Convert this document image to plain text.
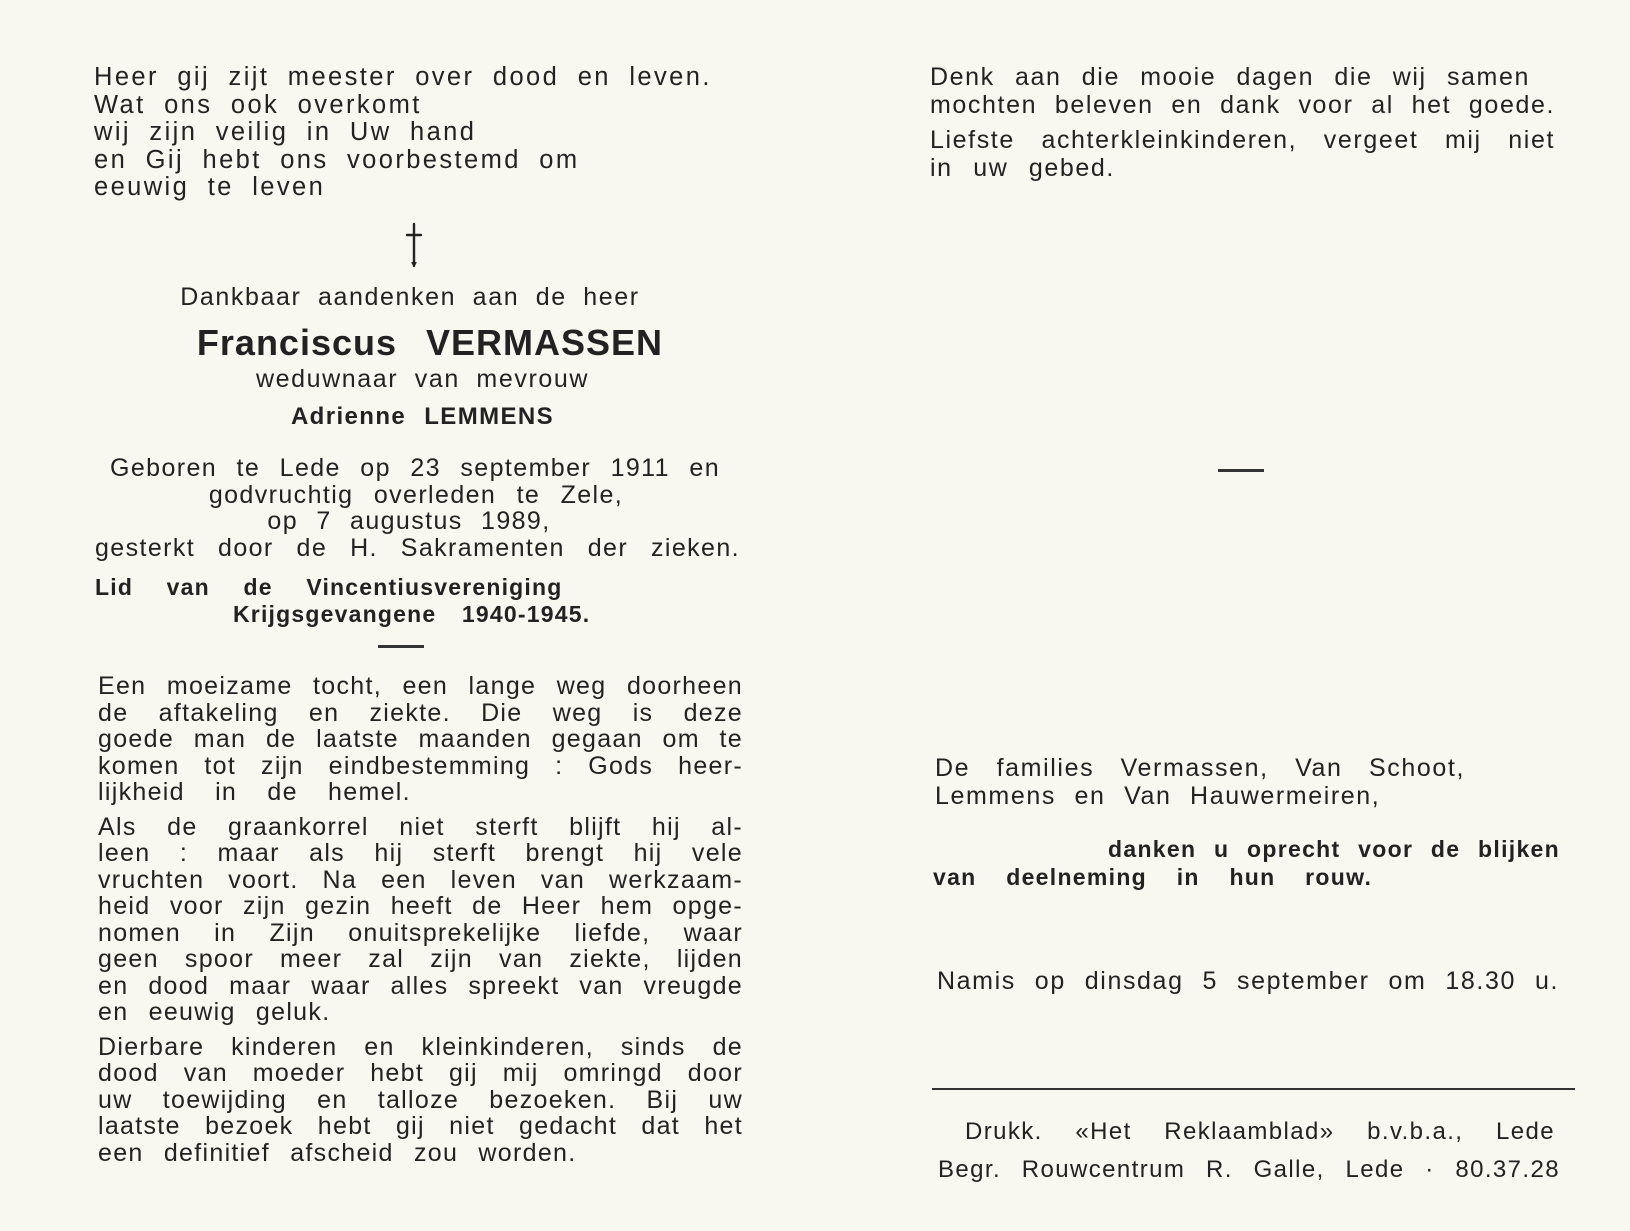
Heer gij zijt meester over dood en leven.
Wat ons ook overkomt
wij zijn veilig in Uw hand
en Gij hebt ons voorbestemd om
eeuwig te leven
Dankbaar aandenken aan de heer
Franciscus VERMASSEN
weduwnaar van mevrouw
Adrienne LEMMENS
Geboren te Lede op 23 september 1911 en
godvruchtig overleden te Zele,
op 7 augustus 1989,
gesterkt door de H. Sakramenten der zieken.
Lid van de Vincentiusvereniging
Krijgsgevangene 1940-1945.
Een moeizame tocht, een lange weg doorheen
de aftakeling en ziekte. Die weg is deze
goede man de laatste maanden gegaan om te
komen tot zijn eindbestemming : Gods heer-
lijkheid in de hemel.
Als de graankorrel niet sterft blijft hij al-
leen : maar als hij sterft brengt hij vele
vruchten voort. Na een leven van werkzaam-
heid voor zijn gezin heeft de Heer hem opge-
nomen in Zijn onuitsprekelijke liefde, waar
geen spoor meer zal zijn van ziekte, lijden
en dood maar waar alles spreekt van vreugde
en eeuwig geluk.
Dierbare kinderen en kleinkinderen, sinds de
dood van moeder hebt gij mij omringd door
uw toewijding en talloze bezoeken. Bij uw
laatste bezoek hebt gij niet gedacht dat het
een definitief afscheid zou worden.
Denk aan die mooie dagen die wij samen
mochten beleven en dank voor al het goede.
Liefste achterkleinkinderen, vergeet mij niet
in uw gebed.
De families Vermassen, Van Schoot,
Lemmens en Van Hauwermeiren,
danken u oprecht voor de blijken
van deelneming in hun rouw.
Namis op dinsdag 5 september om 18.30 u.
Drukk. «Het Reklaamblad» b.v.b.a., Lede
Begr. Rouwcentrum R. Galle, Lede · 80.37.28
